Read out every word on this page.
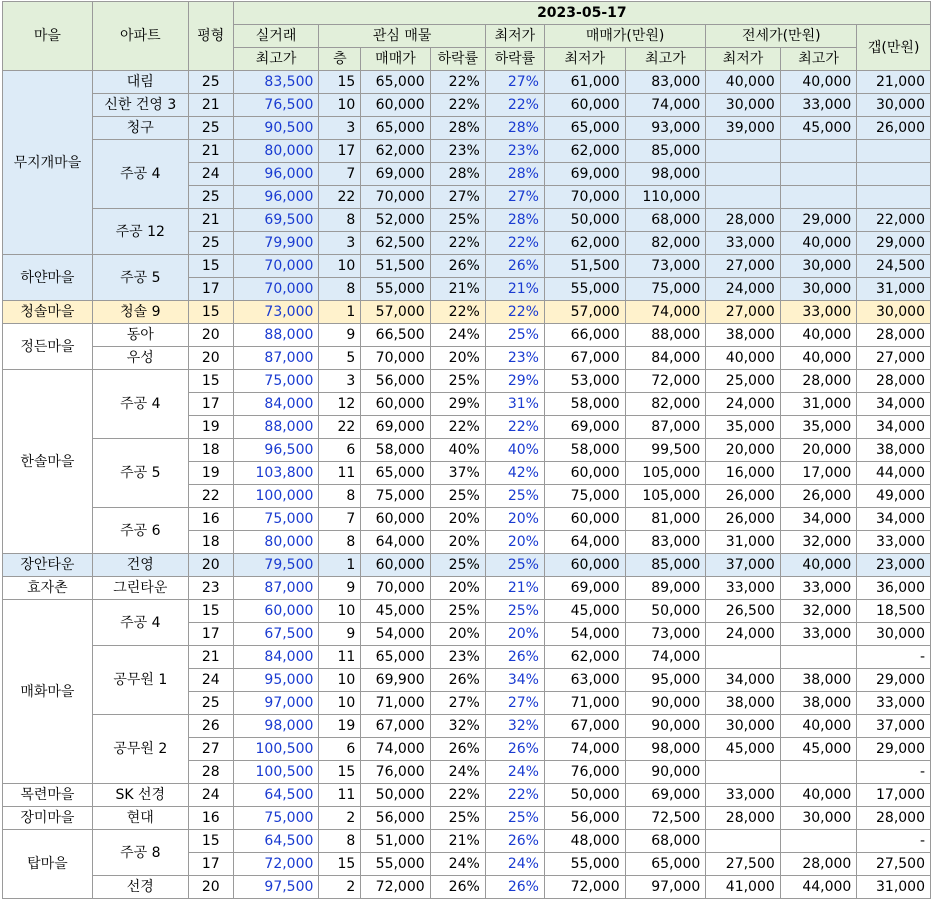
마을	아파트	평형	2023-05-17									
			실거래	관심 매물			최저가	매매가(만원)		전세가(만원)		갭(만원)
			최고가	층	매매가	하락률	하락률	최저가	최고가	최저가	최고가	
무지개마을	대림	25	83,500	15	65,000	22%	27%	61,000	83,000	40,000	40,000	21,000
	신한 건영 3	21	76,500	10	60,000	22%	22%	60,000	74,000	30,000	33,000	30,000
	청구	25	90,500	3	65,000	28%	28%	65,000	93,000	39,000	45,000	26,000
	주공 4	21	80,000	17	62,000	23%	23%	62,000	85,000			
		24	96,000	7	69,000	28%	28%	69,000	98,000			
		25	96,000	22	70,000	27%	27%	70,000	110,000			
	주공 12	21	69,500	8	52,000	25%	28%	50,000	68,000	28,000	29,000	22,000
		25	79,900	3	62,500	22%	22%	62,000	82,000	33,000	40,000	29,000
하얀마을	주공 5	15	70,000	10	51,500	26%	26%	51,500	73,000	27,000	30,000	24,500
		17	70,000	8	55,000	21%	21%	55,000	75,000	24,000	30,000	31,000
청솔마을	청솔 9	15	73,000	1	57,000	22%	22%	57,000	74,000	27,000	33,000	30,000
정든마을	동아	20	88,000	9	66,500	24%	25%	66,000	88,000	38,000	40,000	28,000
	우성	20	87,000	5	70,000	20%	23%	67,000	84,000	40,000	40,000	27,000
한솔마을	주공 4	15	75,000	3	56,000	25%	29%	53,000	72,000	25,000	28,000	28,000
		17	84,000	12	60,000	29%	31%	58,000	82,000	24,000	31,000	34,000
		19	88,000	22	69,000	22%	22%	69,000	87,000	35,000	35,000	34,000
	주공 5	18	96,500	6	58,000	40%	40%	58,000	99,500	20,000	20,000	38,000
		19	103,800	11	65,000	37%	42%	60,000	105,000	16,000	17,000	44,000
		22	100,000	8	75,000	25%	25%	75,000	105,000	26,000	26,000	49,000
	주공 6	16	75,000	7	60,000	20%	20%	60,000	81,000	26,000	34,000	34,000
		18	80,000	8	64,000	20%	20%	64,000	83,000	31,000	32,000	33,000
장안타운	건영	20	79,500	1	60,000	25%	25%	60,000	85,000	37,000	40,000	23,000
효자촌	그린타운	23	87,000	9	70,000	20%	21%	69,000	89,000	33,000	33,000	36,000
매화마을	주공 4	15	60,000	10	45,000	25%	25%	45,000	50,000	26,500	32,000	18,500
		17	67,500	9	54,000	20%	20%	54,000	73,000	24,000	33,000	30,000
	공무원 1	21	84,000	11	65,000	23%	26%	62,000	74,000			-
		24	95,000	10	69,900	26%	34%	63,000	95,000	34,000	38,000	29,000
		25	97,000	10	71,000	27%	27%	71,000	90,000	38,000	38,000	33,000
	공무원 2	26	98,000	19	67,000	32%	32%	67,000	90,000	30,000	40,000	37,000
		27	100,500	6	74,000	26%	26%	74,000	98,000	45,000	45,000	29,000
		28	100,500	15	76,000	24%	24%	76,000	90,000			-
목련마을	SK 선경	24	64,500	11	50,000	22%	22%	50,000	69,000	33,000	40,000	17,000
장미마을	현대	16	75,000	2	56,000	25%	25%	56,000	72,500	28,000	30,000	28,000
탑마을	주공 8	15	64,500	8	51,000	21%	26%	48,000	68,000			-
		17	72,000	15	55,000	24%	24%	55,000	65,000	27,500	28,000	27,500
	선경	20	97,500	2	72,000	26%	26%	72,000	97,000	41,000	44,000	31,000
